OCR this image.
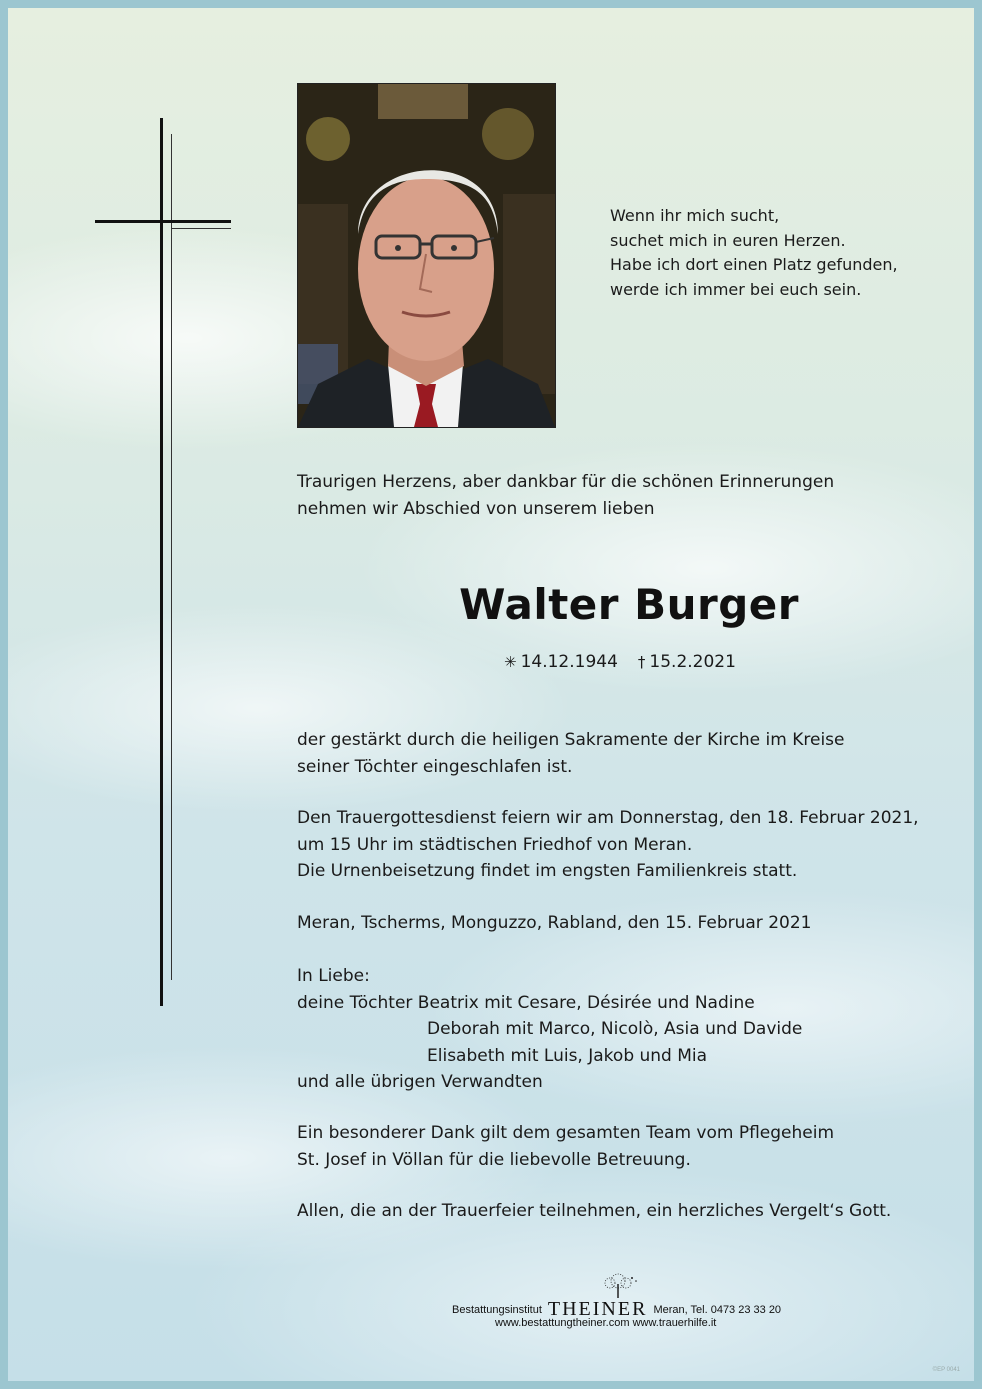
Wenn ihr mich sucht,
suchet mich in euren Herzen.
Habe ich dort einen Platz gefunden,
werde ich immer bei euch sein.
Traurigen Herzens, aber dankbar für die schönen Erinnerungen
nehmen wir Abschied von unserem lieben
Walter Burger
✳ 14.12.1944 † 15.2.2021
der gestärkt durch die heiligen Sakramente der Kirche im Kreise
seiner Töchter eingeschlafen ist.
Den Trauergottesdienst feiern wir am Donnerstag, den 18. Februar 2021,
um 15 Uhr im städtischen Friedhof von Meran.
Die Urnenbeisetzung findet im engsten Familienkreis statt.
Meran, Tscherms, Monguzzo, Rabland, den 15. Februar 2021
In Liebe:
deine Töchter Beatrix mit Cesare, Désirée und Nadine
Deborah mit Marco, Nicolò, Asia und Davide
Elisabeth mit Luis, Jakob und Mia
und alle übrigen Verwandten
Ein besonderer Dank gilt dem gesamten Team vom Pflegeheim
St. Josef in Völlan für die liebevolle Betreuung.
Allen, die an der Trauerfeier teilnehmen, ein herzliches Vergelt‘s Gott.
Bestattungsinstitut THEINER Meran, Tel. 0473 23 33 20
www.bestattungtheiner.com www.trauerhilfe.it
©EP 0041
